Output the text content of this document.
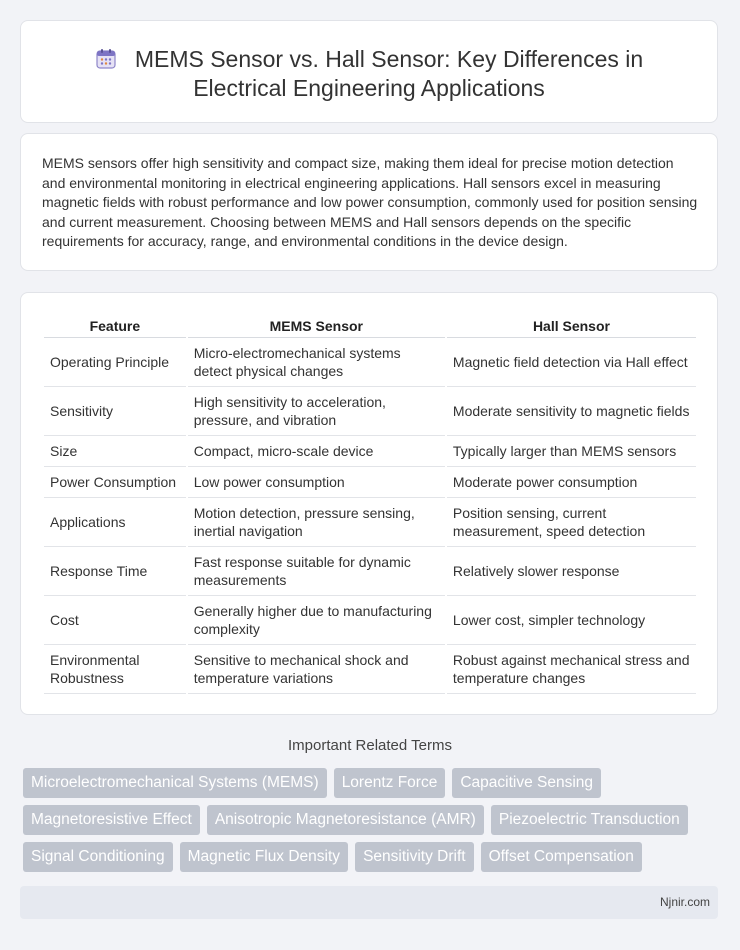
MEMS Sensor vs. Hall Sensor: Key Differences in
Electrical Engineering Applications
MEMS sensors offer high sensitivity and compact size, making them ideal for precise motion detection and environmental monitoring in electrical engineering applications. Hall sensors excel in measuring magnetic fields with robust performance and low power consumption, commonly used for position sensing and current measurement. Choosing between MEMS and Hall sensors depends on the specific requirements for accuracy, range, and environmental conditions in the device design.
Feature	MEMS Sensor	Hall Sensor
Operating Principle	Micro-electromechanical systems detect physical changes	Magnetic field detection via Hall effect
Sensitivity	High sensitivity to acceleration, pressure, and vibration	Moderate sensitivity to magnetic fields
Size	Compact, micro-scale device	Typically larger than MEMS sensors
Power Consumption	Low power consumption	Moderate power consumption
Applications	Motion detection, pressure sensing, inertial navigation	Position sensing, current measurement, speed detection
Response Time	Fast response suitable for dynamic measurements	Relatively slower response
Cost	Generally higher due to manufacturing complexity	Lower cost, simpler technology
Environmental Robustness	Sensitive to mechanical shock and temperature variations	Robust against mechanical stress and temperature changes
Important Related Terms
Microelectromechanical Systems (MEMS)	Lorentz Force	Capacitive Sensing
Magnetoresistive Effect	Anisotropic Magnetoresistance (AMR)	Piezoelectric Transduction
Signal Conditioning	Magnetic Flux Density	Sensitivity Drift	Offset Compensation
Njnir.com
